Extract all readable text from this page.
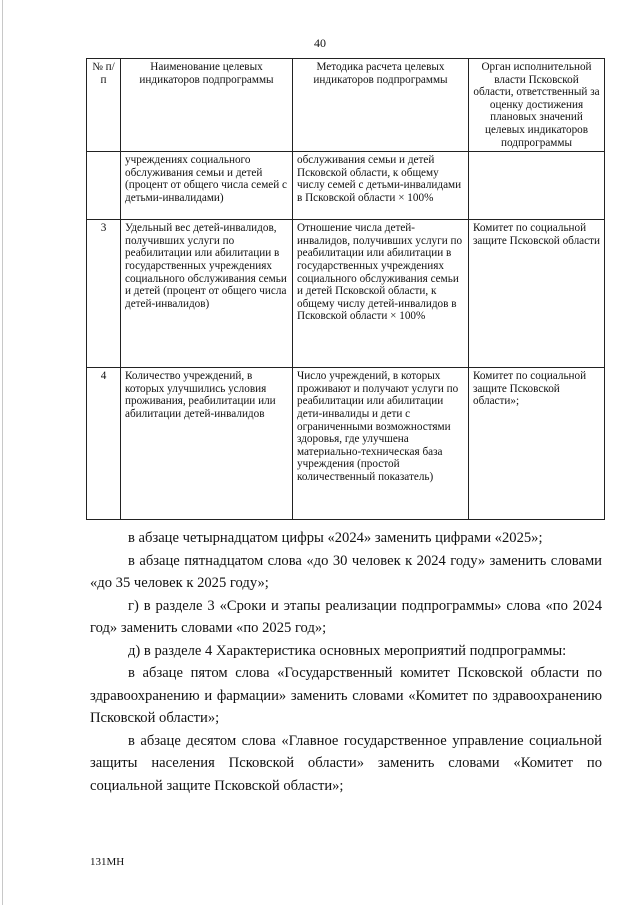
40
№ п/п	Наименование целевых индикаторов подпрограммы	Методика расчета целевых индикаторов подпрограммы	Орган исполнительной власти Псковской области, ответственный за оценку достижения плановых значений целевых индикаторов подпрограммы
	учреждениях социального обслуживания семьи и детей (процент от общего числа семей с детьми-инвалидами)	обслуживания семьи и детей Псковской области, к общему числу семей с детьми-инвалидами в Псковской области × 100%	
3	Удельный вес детей-инвалидов, получивших услуги по реабилитации или абилитации в государственных учреждениях социального обслуживания семьи и детей (процент от общего числа детей-инвалидов)	Отношение числа детей-инвалидов, получивших услуги по реабилитации или абилитации в государственных учреждениях социального обслуживания семьи и детей Псковской области, к общему числу детей-инвалидов в Псковской области × 100%	Комитет по социальной защите Псковской области
4	Количество учреждений, в которых улучшились условия проживания, реабилитации или абилитации детей-инвалидов	Число учреждений, в которых проживают и получают услуги по реабилитации или абилитации дети-инвалиды и дети с ограниченными возможностями здоровья, где улучшена материально-техническая база учреждения (простой количественный показатель)	Комитет по социальной защите Псковской области»;

в абзаце четырнадцатом цифры «2024» заменить цифрами «2025»;

в абзаце пятнадцатом слова «до 30 человек к 2024 году» заменить словами «до 35 человек к 2025 году»;

г) в разделе 3 «Сроки и этапы реализации подпрограммы» слова «по 2024 год» заменить словами «по 2025 год»;

д) в разделе 4 Характеристика основных мероприятий подпрограммы:

в абзаце пятом слова «Государственный комитет Псковской области по здравоохранению и фармации» заменить словами «Комитет по здравоохранению Псковской области»;

в абзаце десятом слова «Главное государственное управление социальной защиты населения Псковской области» заменить словами «Комитет по социальной защите Псковской области»;

131МН
